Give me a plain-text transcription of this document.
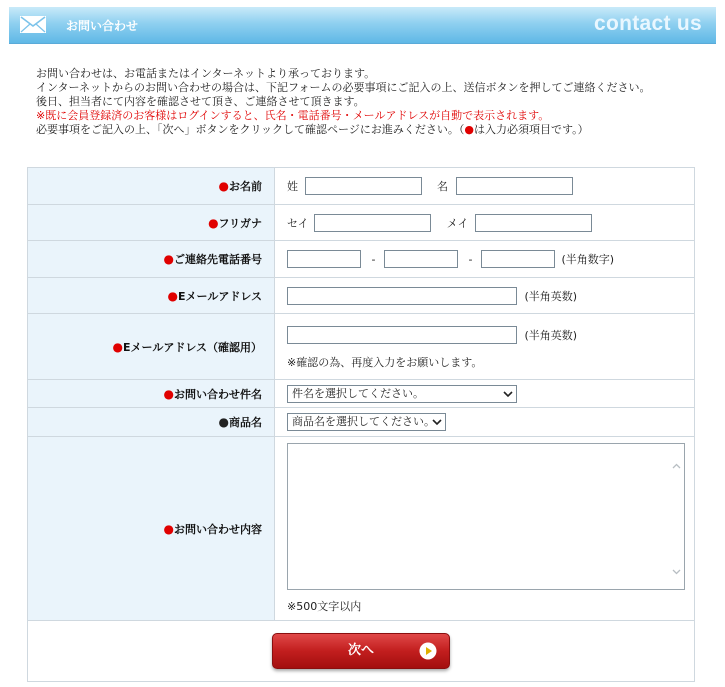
お問い合わせ	contact us
お問い合わせは、お電話またはインターネットより承っております。
インターネットからのお問い合わせの場合は、下記フォームの必要事項にご記入の上、送信ボタンを押してご連絡ください。
後日、担当者にて内容を確認させて頂き、ご連絡させて頂きます。
※既に会員登録済のお客様はログインすると、氏名・電話番号・メールアドレスが自動で表示されます。
必要事項をご記入の上、「次へ」ボタンをクリックして確認ページにお進みください。（●は入力必須項目です。）
●お名前	姓 名
●フリガナ	セイ メイ
●ご連絡先電話番号	- - (半角数字)
●Eメールアドレス	(半角英数)
●Eメールアドレス（確認用）	(半角英数)
※確認の為、再度入力をお願いします。

●お問い合わせ件名	件名を選択してください。

●商品名	商品名を選択してください。

●お問い合わせ内容	※500文字以内

次へ	
